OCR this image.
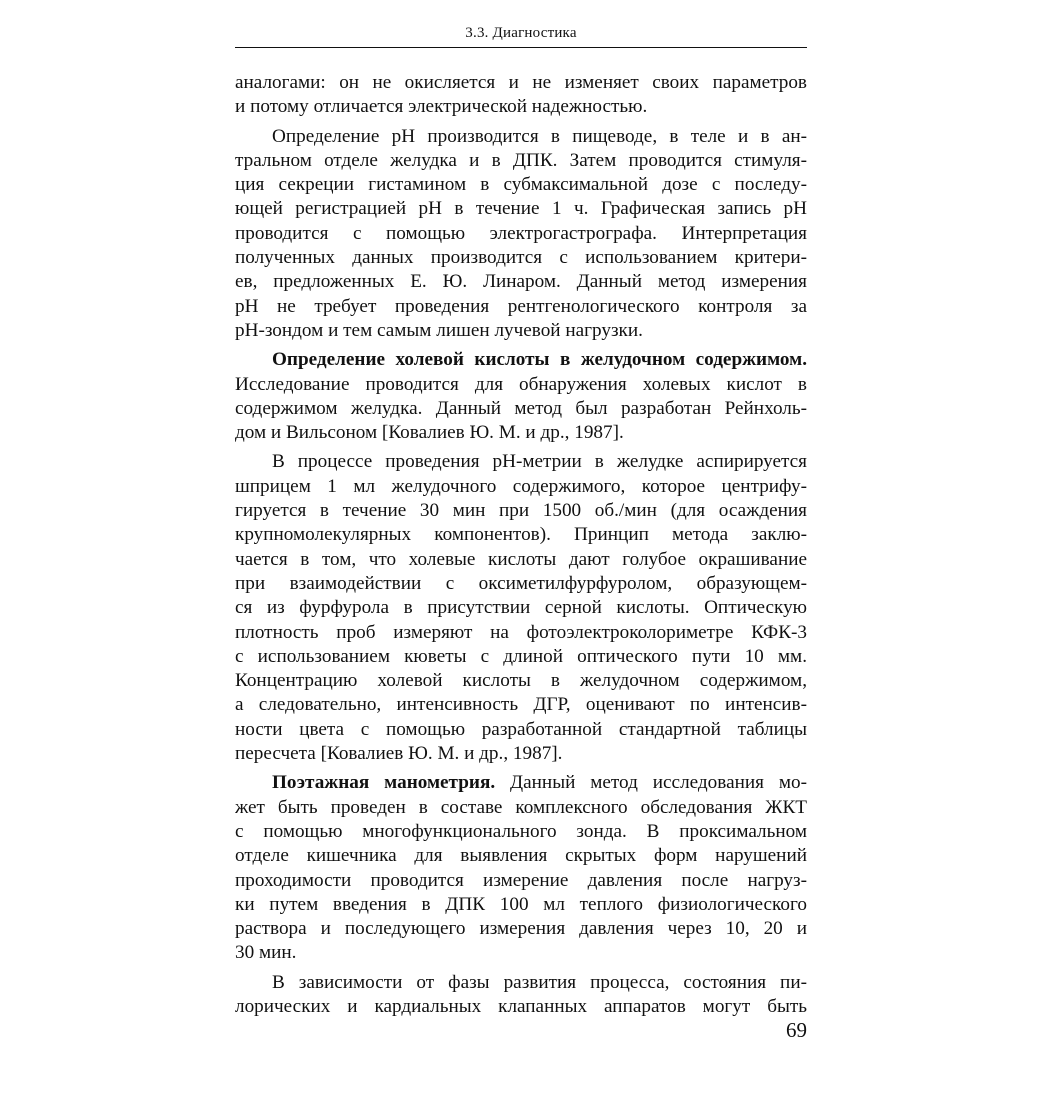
3.3. Диагностика
аналогами: он не окисляется и не изменяет своих параметров
и потому отличается электрической надежностью.
Определение рН производится в пищеводе, в теле и в ан-
тральном отделе желудка и в ДПК. Затем проводится стимуля-
ция секреции гистамином в субмаксимальной дозе с последу-
ющей регистрацией рН в течение 1 ч. Графическая запись рН
проводится с помощью электрогастрографа. Интерпретация
полученных данных производится с использованием критери-
ев, предложенных Е. Ю. Линаром. Данный метод измерения
рН не требует проведения рентгенологического контроля за
рН-зондом и тем самым лишен лучевой нагрузки.
Определение холевой кислоты в желудочном содержимом.
Исследование проводится для обнаружения холевых кислот в
содержимом желудка. Данный метод был разработан Рейнхоль-
дом и Вильсоном [Ковалиев Ю. М. и др., 1987].
В процессе проведения рН-метрии в желудке аспирируется
шприцем 1 мл желудочного содержимого, которое центрифу-
гируется в течение 30 мин при 1500 об./мин (для осаждения
крупномолекулярных компонентов). Принцип метода заклю-
чается в том, что холевые кислоты дают голубое окрашивание
при взаимодействии с оксиметилфурфуролом, образующем-
ся из фурфурола в присутствии серной кислоты. Оптическую
плотность проб измеряют на фотоэлектроколориметре КФК-3
с использованием кюветы с длиной оптического пути 10 мм.
Концентрацию холевой кислоты в желудочном содержимом,
а следовательно, интенсивность ДГР, оценивают по интенсив-
ности цвета с помощью разработанной стандартной таблицы
пересчета [Ковалиев Ю. М. и др., 1987].
Поэтажная манометрия. Данный метод исследования мо-
жет быть проведен в составе комплексного обследования ЖКТ
с помощью многофункционального зонда. В проксимальном
отделе кишечника для выявления скрытых форм нарушений
проходимости проводится измерение давления после нагруз-
ки путем введения в ДПК 100 мл теплого физиологического
раствора и последующего измерения давления через 10, 20 и
30 мин.
В зависимости от фазы развития процесса, состояния пи-
лорических и кардиальных клапанных аппаратов могут быть
69
